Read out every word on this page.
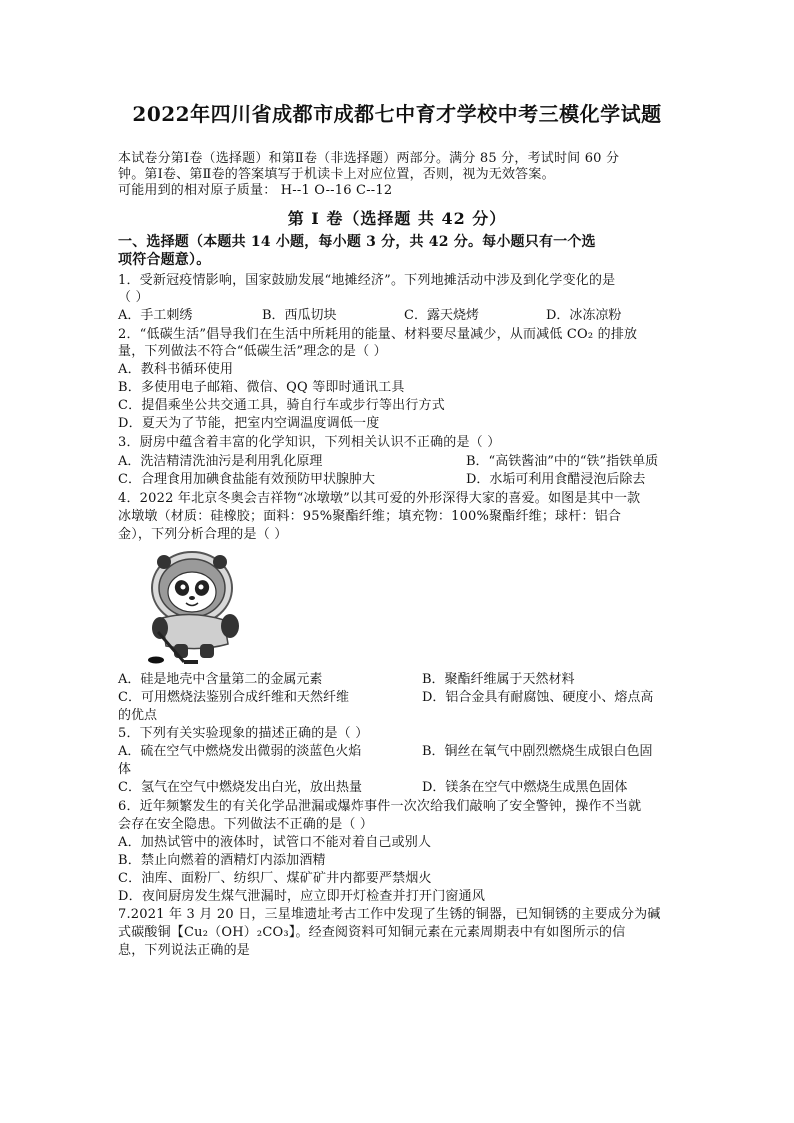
2022年四川省成都市成都七中育才学校中考三模化学试题
本试卷分第Ⅰ卷（选择题）和第Ⅱ卷（非选择题）两部分。满分 85 分，考试时间 60 分
钟。第Ⅰ卷、第Ⅱ卷的答案填写于机读卡上对应位置，否则，视为无效答案。
可能用到的相对原子质量： H--1 O--16 C--12
第 Ⅰ 卷（选择题 共 42 分）
一、选择题（本题共 14 小题，每小题 3 分，共 42 分。每小题只有一个选
项符合题意）。
1．受新冠疫情影响，国家鼓励发展“地摊经济”。下列地摊活动中涉及到化学变化的是
（ ）
A．手工刺绣	B．西瓜切块	C．露天烧烤	D．冰冻凉粉
2．“低碳生活”倡导我们在生活中所耗用的能量、材料要尽量减少，从而减低 CO₂ 的排放
量，下列做法不符合“低碳生活”理念的是（ ）
A．教科书循环使用
B．多使用电子邮箱、微信、QQ 等即时通讯工具
C．提倡乘坐公共交通工具，骑自行车或步行等出行方式
D．夏天为了节能，把室内空调温度调低一度
3．厨房中蕴含着丰富的化学知识，下列相关认识不正确的是（ ）
A．洗洁精清洗油污是利用乳化原理	B．“高铁酱油”中的“铁”指铁单质
C．合理食用加碘食盐能有效预防甲状腺肿大	D．水垢可利用食醋浸泡后除去
4．2022 年北京冬奥会吉祥物“冰墩墩”以其可爱的外形深得大家的喜爱。如图是其中一款
冰墩墩（材质：硅橡胶；面料：95%聚酯纤维；填充物：100%聚酯纤维；球杆：铝合
金），下列分析合理的是（ ）
A．硅是地壳中含量第二的金属元素	B．聚酯纤维属于天然材料
C．可用燃烧法鉴别合成纤维和天然纤维	D．铝合金具有耐腐蚀、硬度小、熔点高
的优点
5．下列有关实验现象的描述正确的是（ ）
A．硫在空气中燃烧发出微弱的淡蓝色火焰	B．铜丝在氧气中剧烈燃烧生成银白色固
体
C．氢气在空气中燃烧发出白光，放出热量	D．镁条在空气中燃烧生成黑色固体
6．近年频繁发生的有关化学品泄漏或爆炸事件一次次给我们敲响了安全警钟，操作不当就
会存在安全隐患。下列做法不正确的是（ ）
A．加热试管中的液体时，试管口不能对着自己或别人
B．禁止向燃着的酒精灯内添加酒精
C．油库、面粉厂、纺织厂、煤矿矿井内都要严禁烟火
D．夜间厨房发生煤气泄漏时，应立即开灯检查并打开门窗通风
7.2021 年 3 月 20 日，三星堆遗址考古工作中发现了生锈的铜器，已知铜锈的主要成分为碱
式碳酸铜【Cu₂（OH）₂CO₃】。经查阅资料可知铜元素在元素周期表中有如图所示的信
息，下列说法正确的是
